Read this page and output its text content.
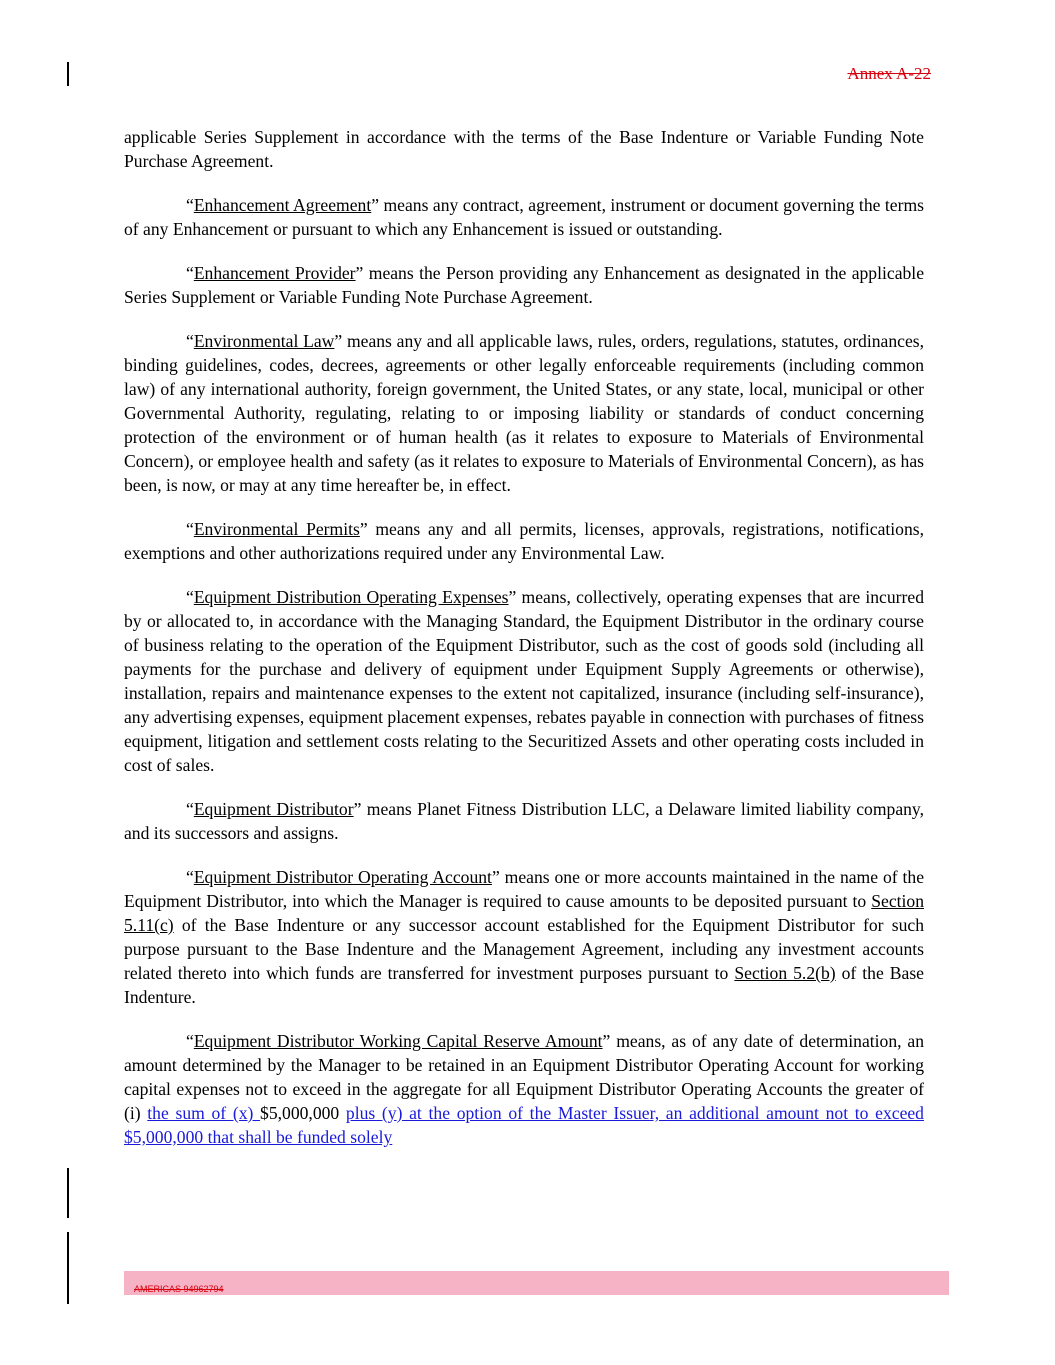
Annex A-22

applicable Series Supplement in accordance with the terms of the Base Indenture or Variable Funding Note Purchase Agreement.

“Enhancement Agreement” means any contract, agreement, instrument or document governing the terms of any Enhancement or pursuant to which any Enhancement is issued or outstanding.

“Enhancement Provider” means the Person providing any Enhancement as designated in the applicable Series Supplement or Variable Funding Note Purchase Agreement.

“Environmental Law” means any and all applicable laws, rules, orders, regulations, statutes, ordinances, binding guidelines, codes, decrees, agreements or other legally enforceable requirements (including common law) of any international authority, foreign government, the United States, or any state, local, municipal or other Governmental Authority, regulating, relating to or imposing liability or standards of conduct concerning protection of the environment or of human health (as it relates to exposure to Materials of Environmental Concern), or employee health and safety (as it relates to exposure to Materials of Environmental Concern), as has been, is now, or may at any time hereafter be, in effect.

“Environmental Permits” means any and all permits, licenses, approvals, registrations, notifications, exemptions and other authorizations required under any Environmental Law.

“Equipment Distribution Operating Expenses” means, collectively, operating expenses that are incurred by or allocated to, in accordance with the Managing Standard, the Equipment Distributor in the ordinary course of business relating to the operation of the Equipment Distributor, such as the cost of goods sold (including all payments for the purchase and delivery of equipment under Equipment Supply Agreements or otherwise), installation, repairs and maintenance expenses to the extent not capitalized, insurance (including self-insurance), any advertising expenses, equipment placement expenses, rebates payable in connection with purchases of fitness equipment, litigation and settlement costs relating to the Securitized Assets and other operating costs included in cost of sales.

“Equipment Distributor” means Planet Fitness Distribution LLC, a Delaware limited liability company, and its successors and assigns.

“Equipment Distributor Operating Account” means one or more accounts maintained in the name of the Equipment Distributor, into which the Manager is required to cause amounts to be deposited pursuant to Section 5.11(c) of the Base Indenture or any successor account established for the Equipment Distributor for such purpose pursuant to the Base Indenture and the Management Agreement, including any investment accounts related thereto into which funds are transferred for investment purposes pursuant to Section 5.2(b) of the Base Indenture.

“Equipment Distributor Working Capital Reserve Amount” means, as of any date of determination, an amount determined by the Manager to be retained in an Equipment Distributor Operating Account for working capital expenses not to exceed in the aggregate for all Equipment Distributor Operating Accounts the greater of (i) the sum of (x) $5,000,000 plus (y) at the option of the Master Issuer, an additional amount not to exceed $5,000,000 that shall be funded solely

AMERICAS 94962794
